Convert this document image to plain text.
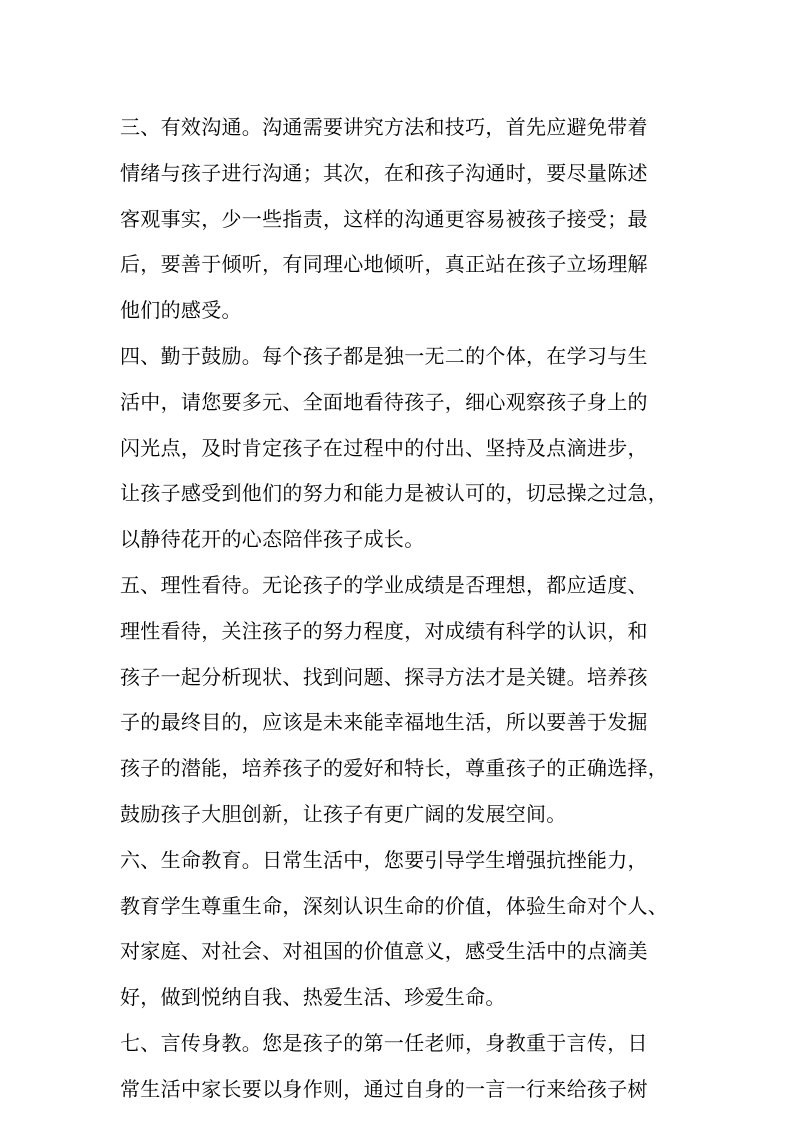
三、有效沟通。沟通需要讲究方法和技巧，首先应避免带着
情绪与孩子进行沟通；其次，在和孩子沟通时，要尽量陈述
客观事实，少一些指责，这样的沟通更容易被孩子接受；最
后，要善于倾听，有同理心地倾听，真正站在孩子立场理解
他们的感受。
四、勤于鼓励。每个孩子都是独一无二的个体，在学习与生
活中，请您要多元、全面地看待孩子，细心观察孩子身上的
闪光点，及时肯定孩子在过程中的付出、坚持及点滴进步，
让孩子感受到他们的努力和能力是被认可的，切忌操之过急，
以静待花开的心态陪伴孩子成长。
五、理性看待。无论孩子的学业成绩是否理想，都应适度、
理性看待，关注孩子的努力程度，对成绩有科学的认识，和
孩子一起分析现状、找到问题、探寻方法才是关键。培养孩
子的最终目的，应该是未来能幸福地生活，所以要善于发掘
孩子的潜能，培养孩子的爱好和特长，尊重孩子的正确选择，
鼓励孩子大胆创新，让孩子有更广阔的发展空间。
六、生命教育。日常生活中，您要引导学生增强抗挫能力，
教育学生尊重生命，深刻认识生命的价值，体验生命对个人、
对家庭、对社会、对祖国的价值意义，感受生活中的点滴美
好，做到悦纳自我、热爱生活、珍爱生命。
七、言传身教。您是孩子的第一任老师，身教重于言传，日
常生活中家长要以身作则，通过自身的一言一行来给孩子树
